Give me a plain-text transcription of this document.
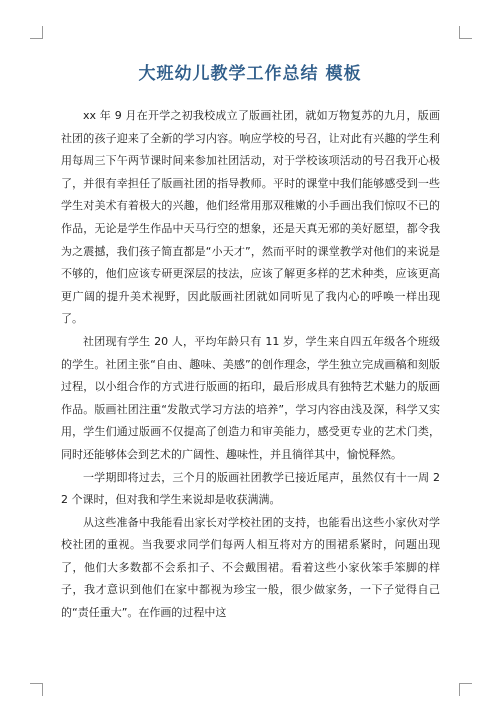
大班幼儿教学工作总结 模板

xx 年 9 月在开学之初我校成立了版画社团，就如万物复苏的九月，版画社团的孩子迎来了全新的学习内容。响应学校的号召，让对此有兴趣的学生利用每周三下午两节课时间来参加社团活动，对于学校该项活动的号召我开心极了，并很有幸担任了版画社团的指导教师。平时的课堂中我们能够感受到一些学生对美术有着极大的兴趣，他们经常用那双稚嫩的小手画出我们惊叹不已的作品，无论是学生作品中天马行空的想象，还是天真无邪的美好愿望，都令我为之震撼，我们孩子简直都是“小天才”，然而平时的课堂教学对他们的来说是不够的，他们应该专研更深层的技法，应该了解更多样的艺术种类，应该更高更广阔的提升美术视野，因此版画社团就如同听见了我内心的呼唤一样出现了。

社团现有学生 20 人，平均年龄只有 11 岁，学生来自四五年级各个班级的学生。社团主张“自由、趣味、美感”的创作理念，学生独立完成画稿和刻版过程，以小组合作的方式进行版画的拓印，最后形成具有独特艺术魅力的版画作品。版画社团注重“发散式学习方法的培养”，学习内容由浅及深，科学又实用，学生们通过版画不仅提高了创造力和审美能力，感受更专业的艺术门类，同时还能够体会到艺术的广阔性、趣味性，并且徜徉其中，愉悦释然。

一学期即将过去，三个月的版画社团教学已接近尾声，虽然仅有十一周 22 个课时，但对我和学生来说却是收获满满。

从这些准备中我能看出家长对学校社团的支持，也能看出这些小家伙对学校社团的重视。当我要求同学们每两人相互将对方的围裙系紧时，问题出现了，他们大多数都不会系扣子、不会戴围裙。看着这些小家伙笨手笨脚的样子，我才意识到他们在家中都视为珍宝一般，很少做家务，一下子觉得自己的“责任重大”。在作画的过程中这
